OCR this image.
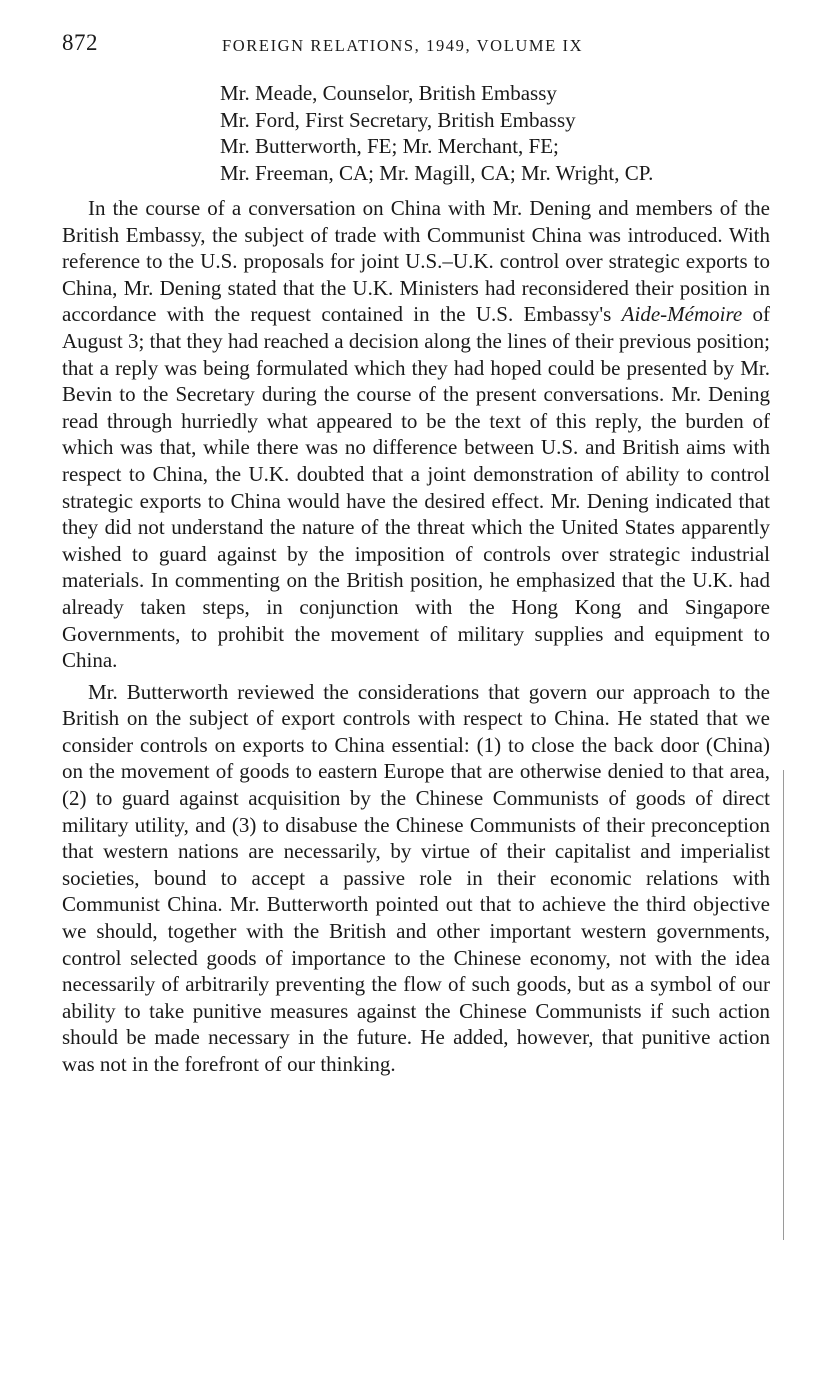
872	FOREIGN RELATIONS, 1949, VOLUME IX
Mr. Meade, Counselor, British Embassy
Mr. Ford, First Secretary, British Embassy
Mr. Butterworth, FE; Mr. Merchant, FE;
Mr. Freeman, CA; Mr. Magill, CA; Mr. Wright, CP.

In the course of a conversation on China with Mr. Dening and members of the British Embassy, the subject of trade with Communist China was introduced. With reference to the U.S. proposals for joint U.S.–U.K. control over strategic exports to China, Mr. Dening stated that the U.K. Ministers had reconsidered their position in accordance with the request contained in the U.S. Embassy's Aide-Mémoire of August 3; that they had reached a decision along the lines of their previous position; that a reply was being formulated which they had hoped could be presented by Mr. Bevin to the Secretary during the course of the present conversations. Mr. Dening read through hurriedly what appeared to be the text of this reply, the burden of which was that, while there was no difference between U.S. and British aims with respect to China, the U.K. doubted that a joint demonstration of ability to control strategic exports to China would have the desired effect. Mr. Dening indicated that they did not understand the nature of the threat which the United States apparently wished to guard against by the imposition of controls over strategic industrial materials. In commenting on the British position, he emphasized that the U.K. had already taken steps, in conjunction with the Hong Kong and Singapore Governments, to prohibit the movement of military supplies and equipment to China.

Mr. Butterworth reviewed the considerations that govern our approach to the British on the subject of export controls with respect to China. He stated that we consider controls on exports to China essential: (1) to close the back door (China) on the movement of goods to eastern Europe that are otherwise denied to that area, (2) to guard against acquisition by the Chinese Communists of goods of direct military utility, and (3) to disabuse the Chinese Communists of their preconception that western nations are necessarily, by virtue of their capitalist and imperialist societies, bound to accept a passive role in their economic relations with Communist China. Mr. Butterworth pointed out that to achieve the third objective we should, together with the British and other important western governments, control selected goods of importance to the Chinese economy, not with the idea necessarily of arbitrarily preventing the flow of such goods, but as a symbol of our ability to take punitive measures against the Chinese Communists if such action should be made necessary in the future. He added, however, that punitive action was not in the forefront of our thinking.
